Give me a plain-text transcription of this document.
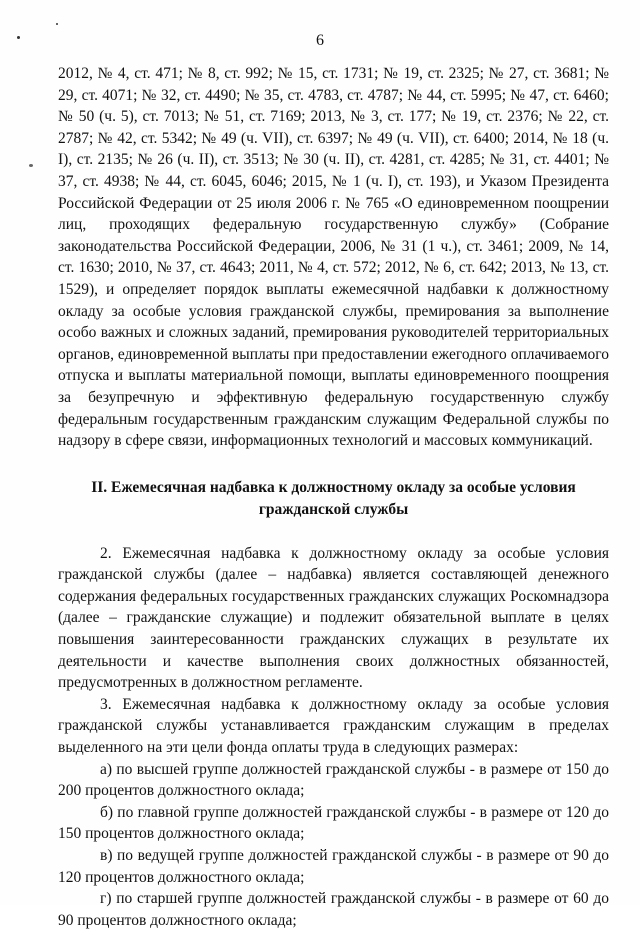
6

2012, № 4, ст. 471; № 8, ст. 992; № 15, ст. 1731; № 19, ст. 2325; № 27, ст. 3681; № 29, ст. 4071; № 32, ст. 4490; № 35, ст. 4783, ст. 4787; № 44, ст. 5995; № 47, ст. 6460; № 50 (ч. 5), ст. 7013; № 51, ст. 7169; 2013, № 3, ст. 177; № 19, ст. 2376; № 22, ст. 2787; № 42, ст. 5342; № 49 (ч. VII), ст. 6397; № 49 (ч. VII), ст. 6400; 2014, № 18 (ч. I), ст. 2135; № 26 (ч. II), ст. 3513; № 30 (ч. II), ст. 4281, ст. 4285; № 31, ст. 4401; № 37, ст. 4938; № 44, ст. 6045, 6046; 2015, № 1 (ч. I), ст. 193), и Указом Президента Российской Федерации от 25 июля 2006 г. № 765 «О единовременном поощрении лиц, проходящих федеральную государственную службу» (Собрание законодательства Российской Федерации, 2006, № 31 (1 ч.), ст. 3461; 2009, № 14, ст. 1630; 2010, № 37, ст. 4643; 2011, № 4, ст. 572; 2012, № 6, ст. 642; 2013, № 13, ст. 1529), и определяет порядок выплаты ежемесячной надбавки к должностному окладу за особые условия гражданской службы, премирования за выполнение особо важных и сложных заданий, премирования руководителей территориальных органов, единовременной выплаты при предоставлении ежегодного оплачиваемого отпуска и выплаты материальной помощи, выплаты единовременного поощрения за безупречную и эффективную федеральную государственную службу федеральным государственным гражданским служащим Федеральной службы по надзору в сфере связи, информационных технологий и массовых коммуникаций.

II. Ежемесячная надбавка к должностному окладу за особые условия гражданской службы

2. Ежемесячная надбавка к должностному окладу за особые условия гражданской службы (далее – надбавка) является составляющей денежного содержания федеральных государственных гражданских служащих Роскомнадзора (далее – гражданские служащие) и подлежит обязательной выплате в целях повышения заинтересованности гражданских служащих в результате их деятельности и качестве выполнения своих должностных обязанностей, предусмотренных в должностном регламенте.

3. Ежемесячная надбавка к должностному окладу за особые условия гражданской службы устанавливается гражданским служащим в пределах выделенного на эти цели фонда оплаты труда в следующих размерах:

а) по высшей группе должностей гражданской службы - в размере от 150 до 200 процентов должностного оклада;

б) по главной группе должностей гражданской службы - в размере от 120 до 150 процентов должностного оклада;

в) по ведущей группе должностей гражданской службы - в размере от 90 до 120 процентов должностного оклада;

г) по старшей группе должностей гражданской службы - в размере от 60 до 90 процентов должностного оклада;
